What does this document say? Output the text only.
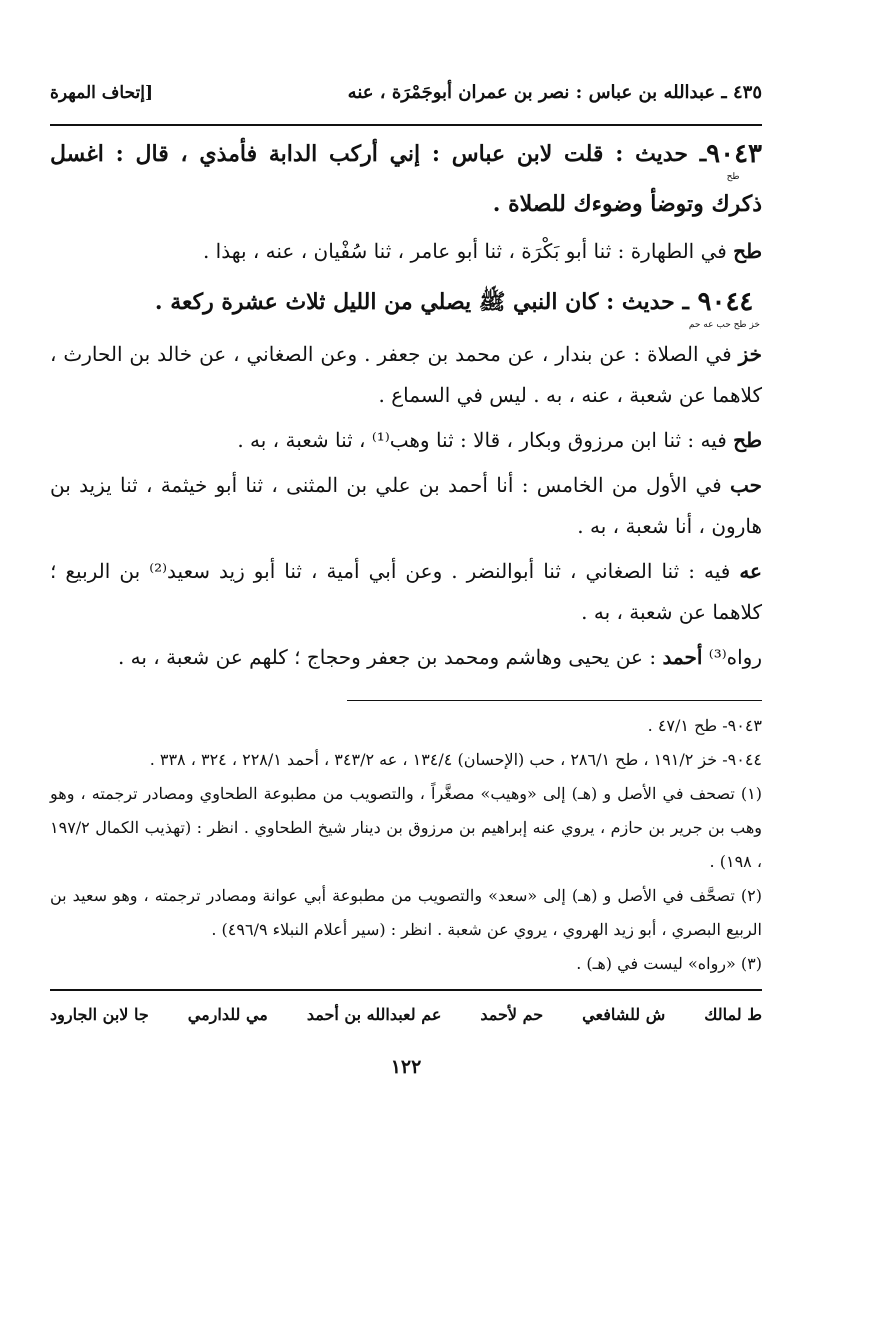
٤٣٥ ـ عبدالله بن عباس : نصر بن عمران أبوجَمْرَة ، عنه
[إتحاف المهرة
٩٠٤٣
طح
ـ حديث : قلت لابن عباس : إني أركب الدابة فأمذي ، قال : اغسل ذكرك وتوضأ وضوءك للصلاة .

طح في الطهارة : ثنا أبو بَكْرَة ، ثنا أبو عامر ، ثنا سُفْيان ، عنه ، بهذا .

٩٠٤٤
خز طح حب عه حم
ـ حديث : كان النبي ﷺ يصلي من الليل ثلاث عشرة ركعة .

خز في الصلاة : عن بندار ، عن محمد بن جعفر . وعن الصغاني ، عن خالد بن الحارث ، كلاهما عن شعبة ، عنه ، به . ليس في السماع .

طح فيه : ثنا ابن مرزوق وبكار ، قالا : ثنا وهب⁽¹⁾ ، ثنا شعبة ، به .

حب في الأول من الخامس : أنا أحمد بن علي بن المثنى ، ثنا أبو خيثمة ، ثنا يزيد بن هارون ، أنا شعبة ، به .

عه فيه : ثنا الصغاني ، ثنا أبوالنضر . وعن أبي أمية ، ثنا أبو زيد سعيد⁽²⁾ بن الربيع ؛ كلاهما عن شعبة ، به .

رواه⁽³⁾ أحمد : عن يحيى وهاشم ومحمد بن جعفر وحجاج ؛ كلهم عن شعبة ، به .

٩٠٤٣- طح ٤٧/١ .

٩٠٤٤- خز ١٩١/٢ ، طح ٢٨٦/١ ، حب (الإحسان) ١٣٤/٤ ، عه ٣٤٣/٢ ، أحمد ٢٢٨/١ ، ٣٢٤ ، ٣٣٨ .

(١) تصحف في الأصل و (هـ) إلى «وهيب» مصغَّراً ، والتصويب من مطبوعة الطحاوي ومصادر ترجمته ، وهو وهب بن جرير بن حازم ، يروي عنه إبراهيم بن مرزوق بن دينار شيخ الطحاوي . انظر : (تهذيب الكمال ١٩٧/٢ ، ١٩٨) .

(٢) تصحَّف في الأصل و (هـ) إلى «سعد» والتصويب من مطبوعة أبي عوانة ومصادر ترجمته ، وهو سعيد بن الربيع البصري ، أبو زيد الهروي ، يروي عن شعبة . انظر : (سير أعلام النبلاء ٤٩٦/٩) .

(٣) «رواه» ليست في (هـ) .

ط لمالك
ش للشافعي
حم لأحمد
عم لعبدالله بن أحمد
مي للدارمي
جا لابن الجارود
١٢٢
